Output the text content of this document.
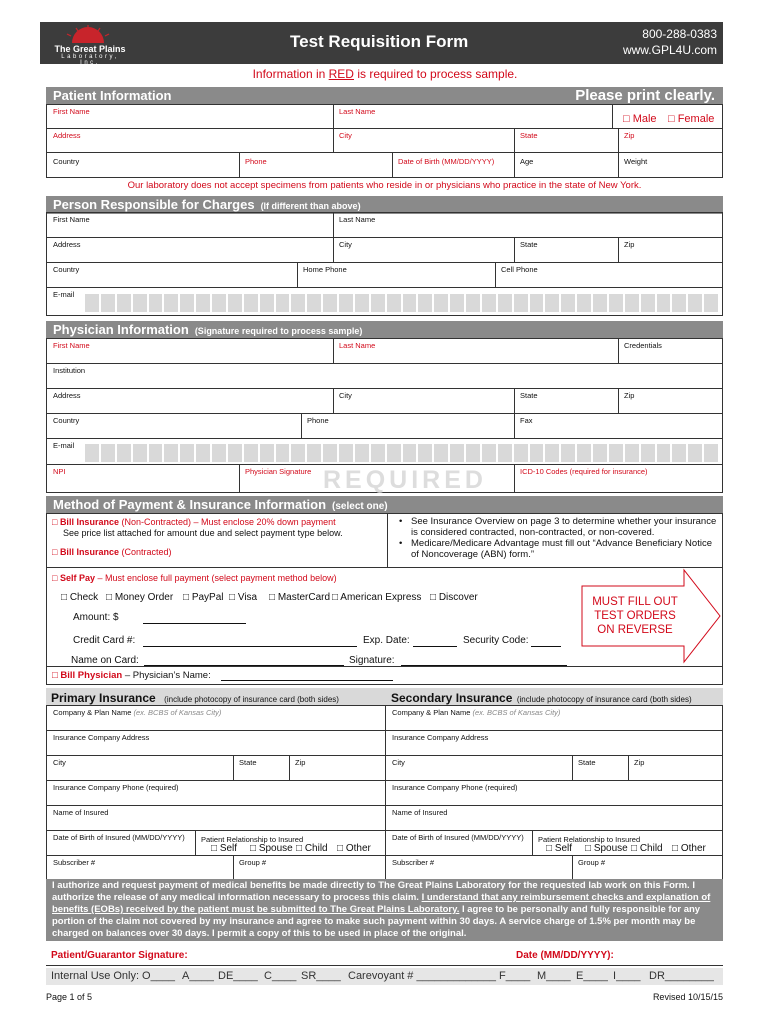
The Great Plains
Laboratory, Inc.
Test Requisition Form	800-288-0383
www.GPL4U.com
Information in RED is required to process sample.
Patient Information	Please print clearly.
First Name	Last Name
□ Male □ Female
Address	City	State	Zip
Country	Phone	Date of Birth (MM/DD/YYYY)	Age	Weight
Our laboratory does not accept specimens from patients who reside in or physicians who practice in the state of New York.
Person Responsible for Charges (If different than above)
First Name	Last Name
Address	City	State	Zip
Country	Home Phone	Cell Phone
E-mail
Physician Information (Signature required to process sample)
First Name	Last Name	Credentials
Institution
Address	City	State	Zip
Country	Phone	Fax
E-mail
NPI	Physician Signature REQUIRED	ICD-10 Codes (required for insurance)
Method of Payment & Insurance Information (select one)
□ Bill Insurance (Non-Contracted) – Must enclose 20% down payment
See price list attached for amount due and select payment type below.
□ Bill Insurance (Contracted)
• See Insurance Overview on page 3 to determine whether your insurance is considered contracted, non-contracted, or non-covered.
• Medicare/Medicare Advantage must fill out “Advance Beneficiary Notice of Noncoverage (ABN) form.”
□ Self Pay – Must enclose full payment (select payment method below)
□ Check □ Money Order □ PayPal □ Visa □ MasterCard □ American Express □ Discover
Amount: $
Credit Card #:	Exp. Date:	Security Code:
Name on Card:	Signature:
MUST FILL OUT TEST ORDERS ON REVERSE
□ Bill Physician – Physician’s Name:
Primary Insurance (include photocopy of insurance card (both sides)	Secondary Insurance (include photocopy of insurance card (both sides)
Company & Plan Name (ex. BCBS of Kansas City)
Insurance Company Address
City	State	Zip
Insurance Company Phone (required)
Name of Insured
Date of Birth of Insured (MM/DD/YYYY) Patient Relationship to Insured
□ Self □ Spouse □ Child □ Other
Subscriber #	Group #
Company & Plan Name (ex. BCBS of Kansas City)
Insurance Company Address
City	State	Zip
Insurance Company Phone (required)
Name of Insured
Date of Birth of Insured (MM/DD/YYYY) Patient Relationship to Insured
□ Self □ Spouse □ Child □ Other
Subscriber #	Group #
I authorize and request payment of medical benefits be made directly to The Great Plains Laboratory for the requested lab work on this Form. I authorize the release of any medical information necessary to process this claim. I understand that any reimbursement checks and explanation of benefits (EOBs) received by the patient must be submitted to The Great Plains Laboratory. I agree to be personally and fully responsible for any portion of the claim not covered by my insurance and agree to make such payment within 30 days. A service charge of 1.5% per month may be charged on balances over 30 days. I permit a copy of this to be used in place of the original.
Patient/Guarantor Signature:	Date (MM/DD/YYYY):
Internal Use Only: O____ A____ DE____ C____ SR____ Carevoyant # _____________ F____ M____ E____ I____ DR________
Page 1 of 5	Revised 10/15/15
